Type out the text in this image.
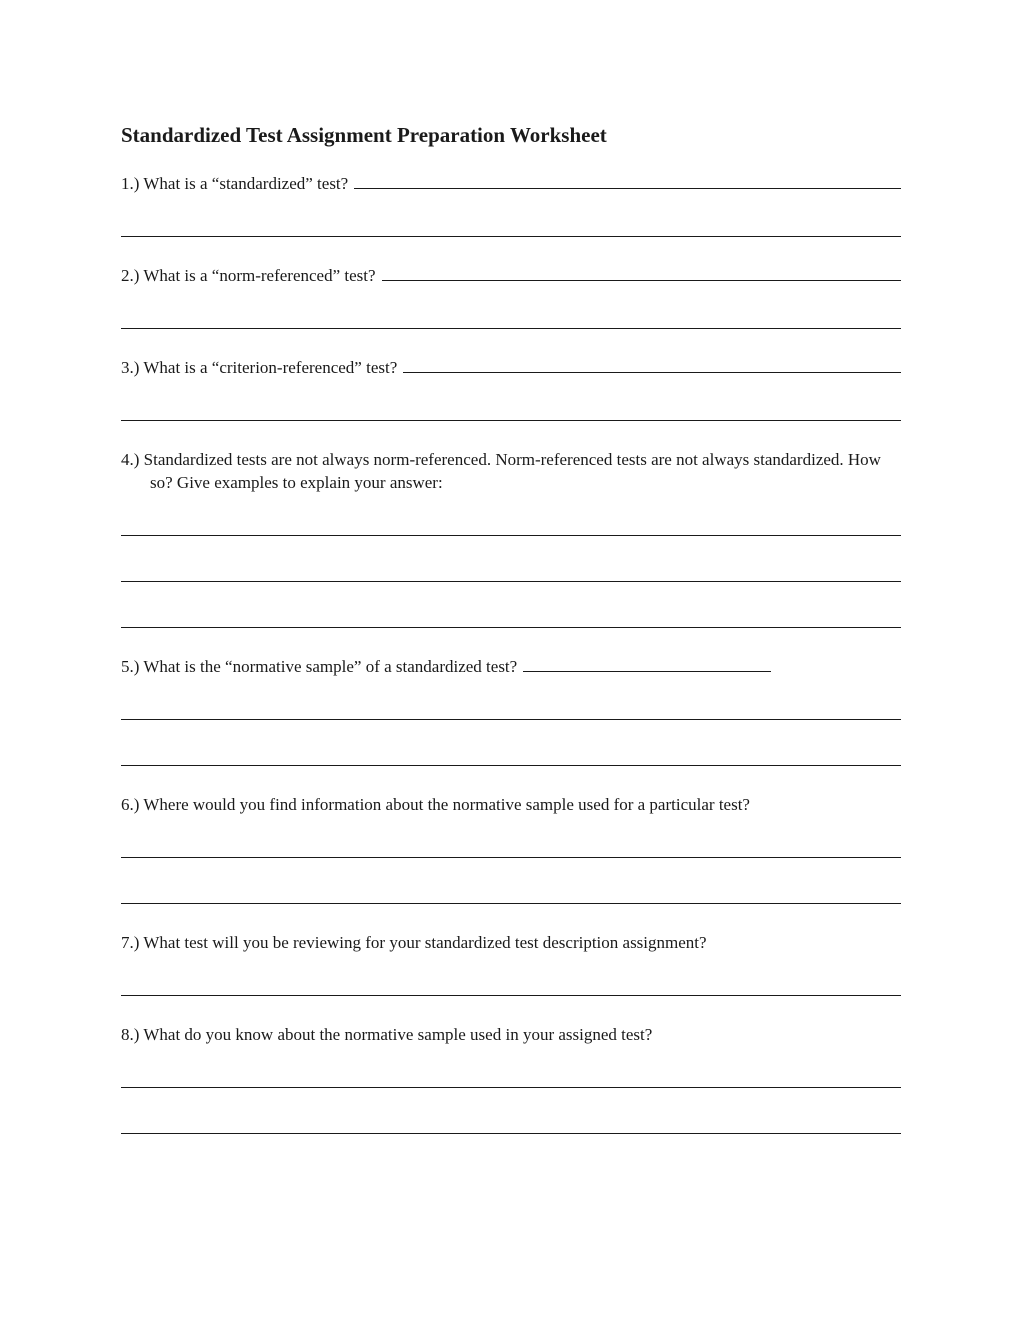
Standardized Test Assignment Preparation Worksheet
1.) What is a “standardized” test?
2.) What is a “norm-referenced” test?
3.) What is a “criterion-referenced” test?
4.) Standardized tests are not always norm-referenced. Norm-referenced tests are not always standardized. How so? Give examples to explain your answer:
5.) What is the “normative sample” of a standardized test?
6.) Where would you find information about the normative sample used for a particular test?
7.) What test will you be reviewing for your standardized test description assignment?
8.) What do you know about the normative sample used in your assigned test?
